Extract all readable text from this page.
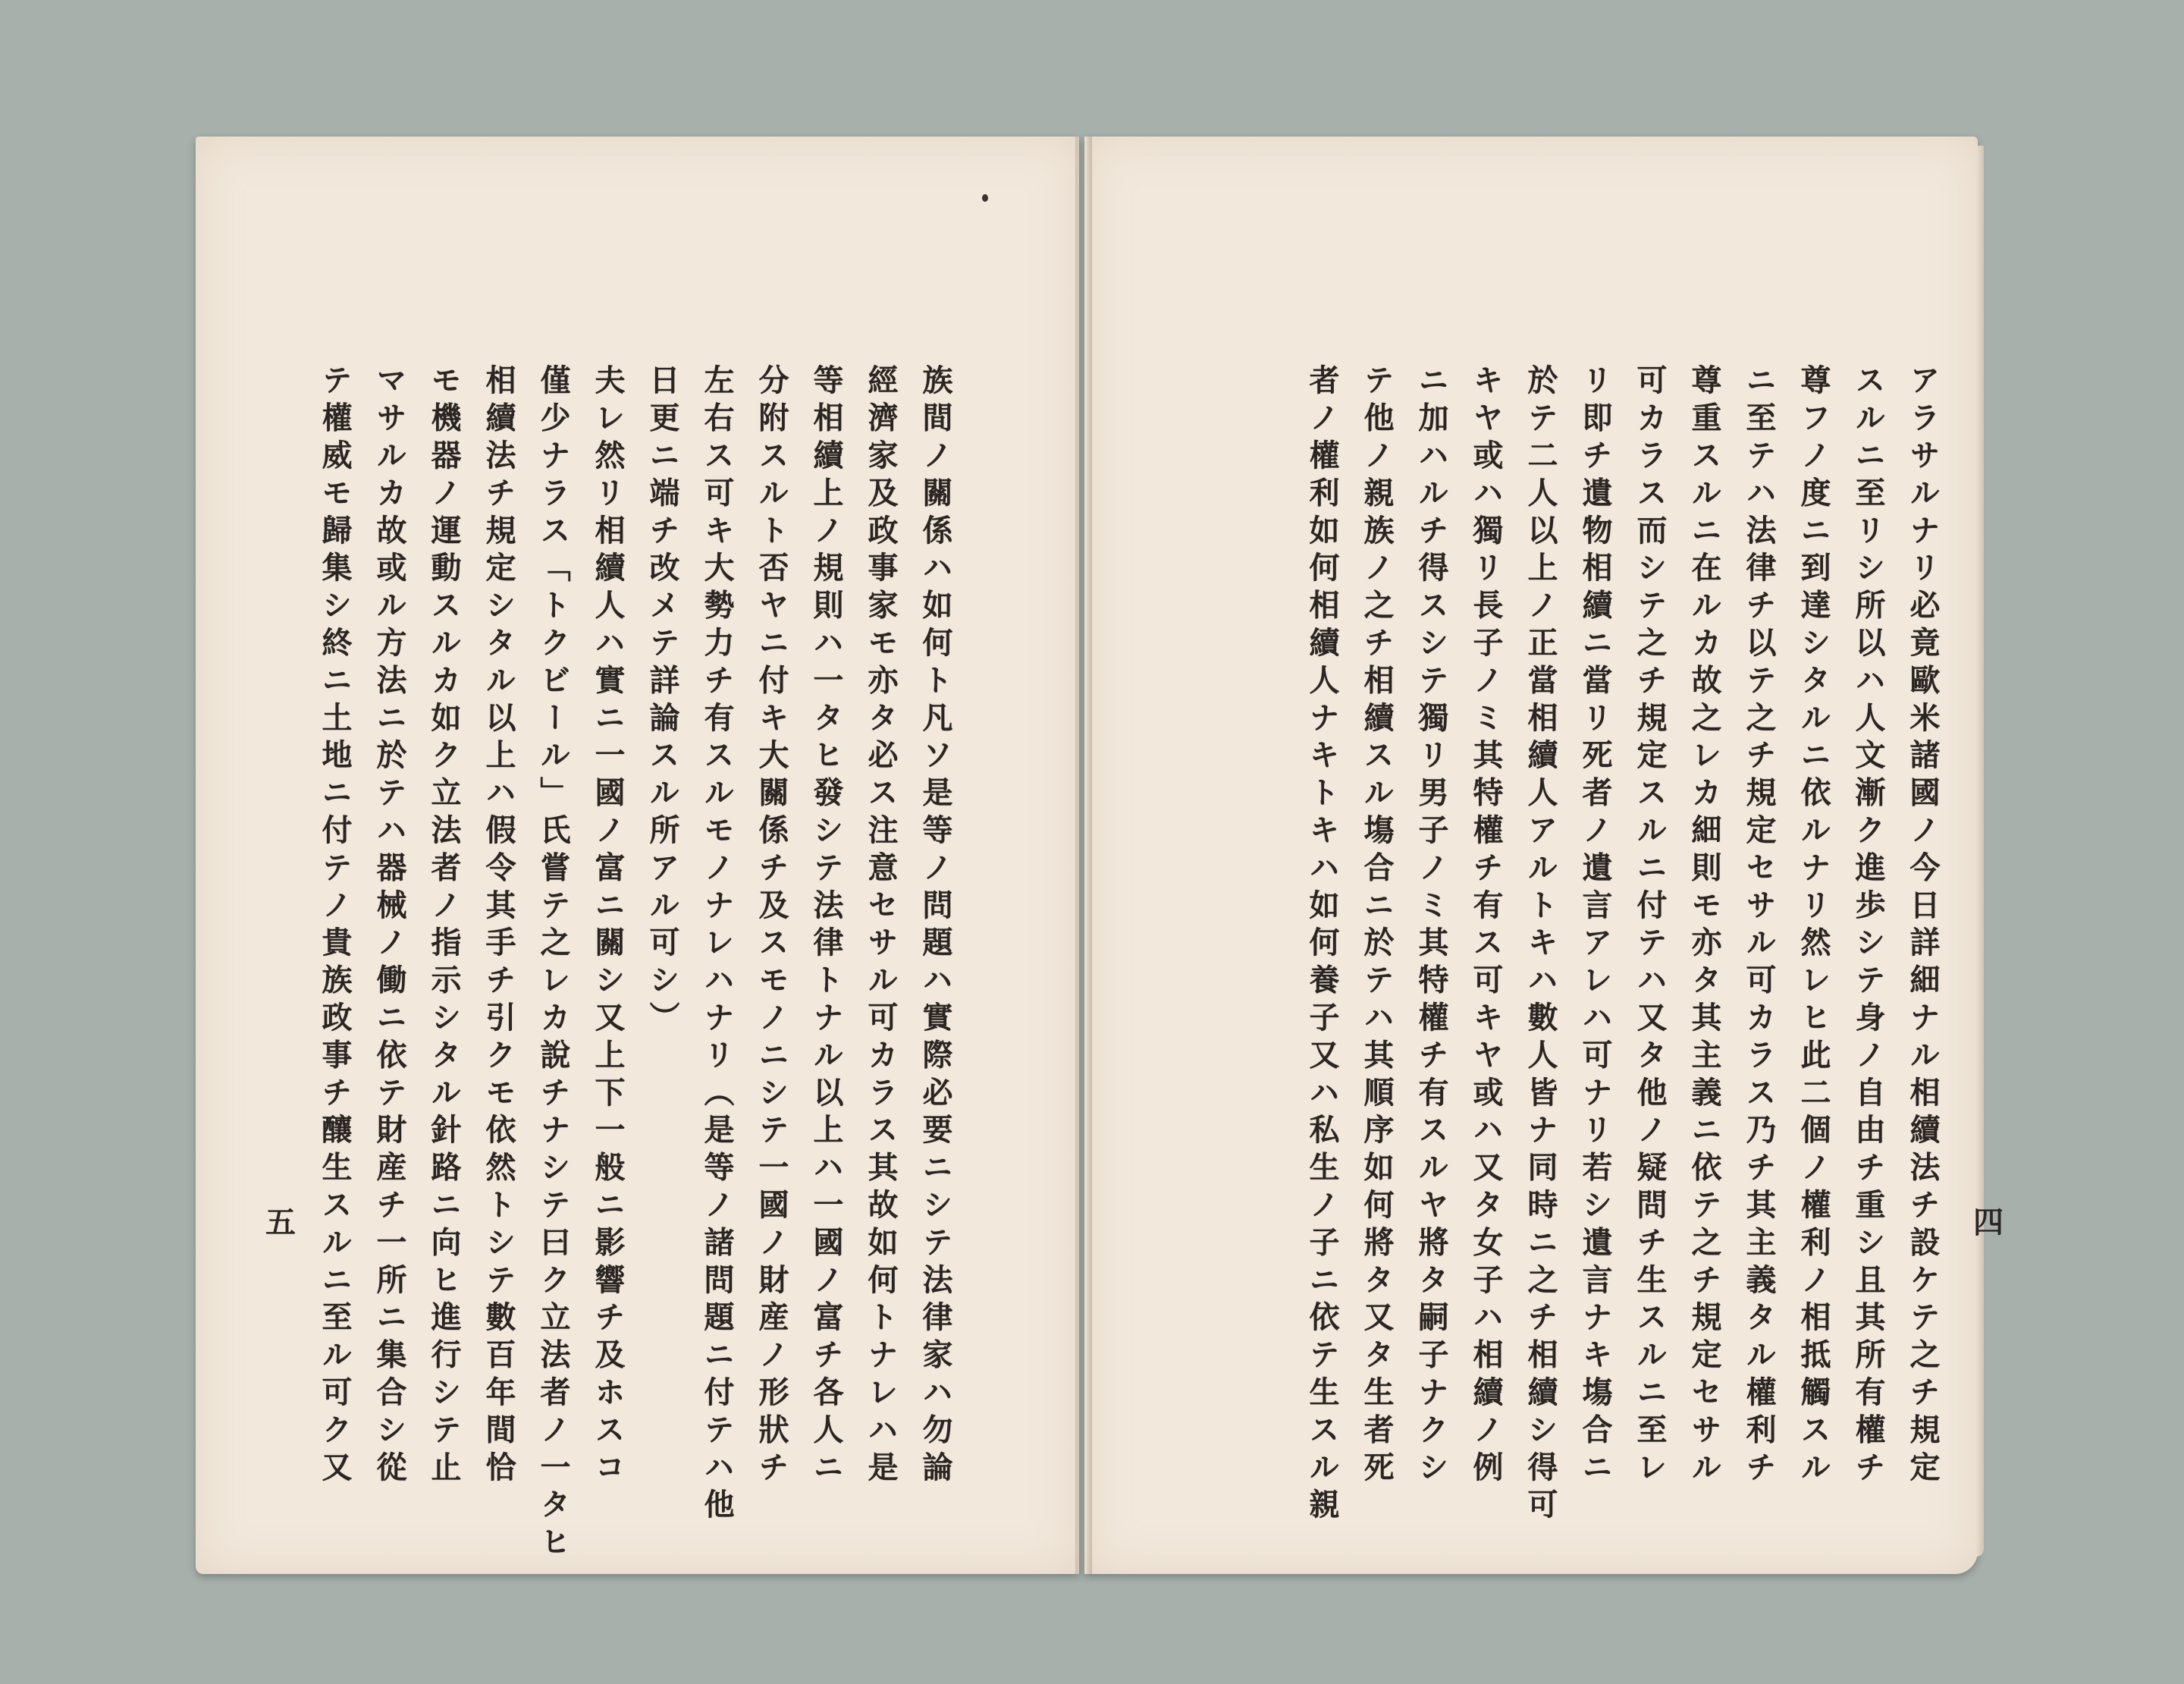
族間ノ關係ハ如何ト凡ソ是等ノ問題ハ實際必要ニシテ法律家ハ勿論
經濟家及政事家モ亦タ必ス注意セサル可カラス其故如何トナレハ是
等相續上ノ規則ハ一タヒ發シテ法律トナル以上ハ一國ノ富チ各人ニ
分附スルト否ヤニ付キ大關係チ及スモノニシテ一國ノ財産ノ形狀チ
左右ス可キ大勢力チ有スルモノナレハナリ（是等ノ諸問題ニ付テハ他
日更ニ端チ改メテ詳論スル所アル可シ）
夫レ然リ相續人ハ實ニ一國ノ富ニ關シ又上下一般ニ影響チ及ホスコ
僅少ナラス「トクビール」氏嘗テ之レカ說チナシテ曰ク立法者ノ一タヒ
相續法チ規定シタル以上ハ假令其手チ引クモ依然トシテ數百年間恰
モ機器ノ運動スルカ如ク立法者ノ指示シタル針路ニ向ヒ進行シテ止
マサルカ故或ル方法ニ於テハ器械ノ働ニ依テ財産チ一所ニ集合シ從
テ權威モ歸集シ終ニ土地ニ付テノ貴族政事チ釀生スルニ至ル可ク又
五	アラサルナリ必竟歐米諸國ノ今日詳細ナル相續法チ設ケテ之チ規定
スルニ至リシ所以ハ人文漸ク進歩シテ身ノ自由チ重シ且其所有權チ
尊フノ度ニ到達シタルニ依ルナリ然レヒ此二個ノ權利ノ相抵觸スル
ニ至テハ法律チ以テ之チ規定セサル可カラス乃チ其主義タル權利チ
尊重スルニ在ルカ故之レカ細則モ亦タ其主義ニ依テ之チ規定セサル
可カラス而シテ之チ規定スルニ付テハ又タ他ノ疑問チ生スルニ至レ
リ即チ遺物相續ニ當リ死者ノ遺言アレハ可ナリ若シ遺言ナキ塲合ニ
於テ二人以上ノ正當相續人アルトキハ數人皆ナ同時ニ之チ相續シ得可
キヤ或ハ獨リ長子ノミ其特權チ有ス可キヤ或ハ又タ女子ハ相續ノ例
ニ加ハルチ得スシテ獨リ男子ノミ其特權チ有スルヤ將タ嗣子ナクシ
テ他ノ親族ノ之チ相續スル塲合ニ於テハ其順序如何將タ又タ生者死
者ノ權利如何相續人ナキトキハ如何養子又ハ私生ノ子ニ依テ生スル親	四
